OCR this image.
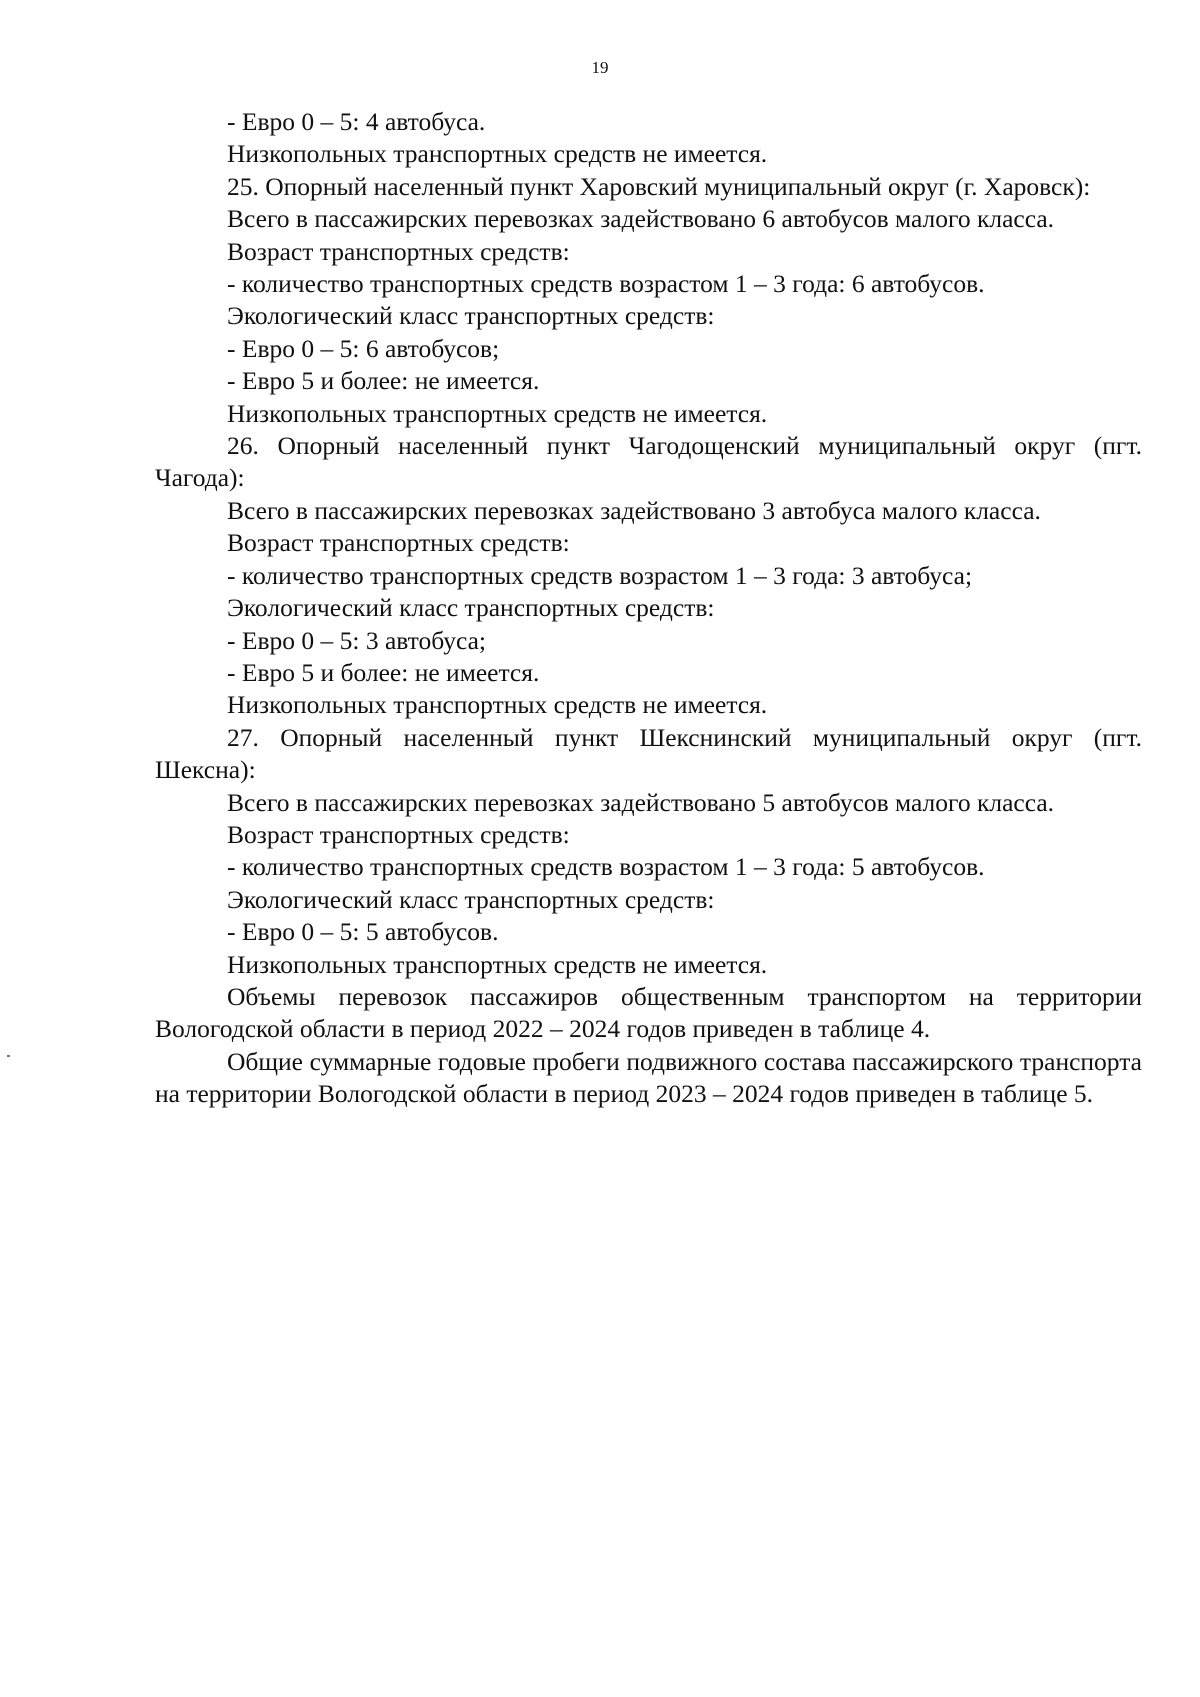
19

- Евро 0 – 5: 4 автобуса.

Низкопольных транспортных средств не имеется.

25. Опорный населенный пункт Харовский муниципальный округ (г. Харовск):

Всего в пассажирских перевозках задействовано 6 автобусов малого класса.

Возраст транспортных средств:

- количество транспортных средств возрастом 1 – 3 года: 6 автобусов.

Экологический класс транспортных средств:

- Евро 0 – 5: 6 автобусов;

- Евро 5 и более: не имеется.

Низкопольных транспортных средств не имеется.

26. Опорный населенный пункт Чагодощенский муниципальный округ (пгт. Чагода):

Всего в пассажирских перевозках задействовано 3 автобуса малого класса.

Возраст транспортных средств:

- количество транспортных средств возрастом 1 – 3 года: 3 автобуса;

Экологический класс транспортных средств:

- Евро 0 – 5: 3 автобуса;

- Евро 5 и более: не имеется.

Низкопольных транспортных средств не имеется.

27. Опорный населенный пункт Шекснинский муниципальный округ (пгт. Шексна):

Всего в пассажирских перевозках задействовано 5 автобусов малого класса.

Возраст транспортных средств:

- количество транспортных средств возрастом 1 – 3 года: 5 автобусов.

Экологический класс транспортных средств:

- Евро 0 – 5: 5 автобусов.

Низкопольных транспортных средств не имеется.

Объемы перевозок пассажиров общественным транспортом на территории Вологодской области в период 2022 – 2024 годов приведен в таблице 4.

Общие суммарные годовые пробеги подвижного состава пассажирского транспорта на территории Вологодской области в период 2023 – 2024 годов приведен в таблице 5.
